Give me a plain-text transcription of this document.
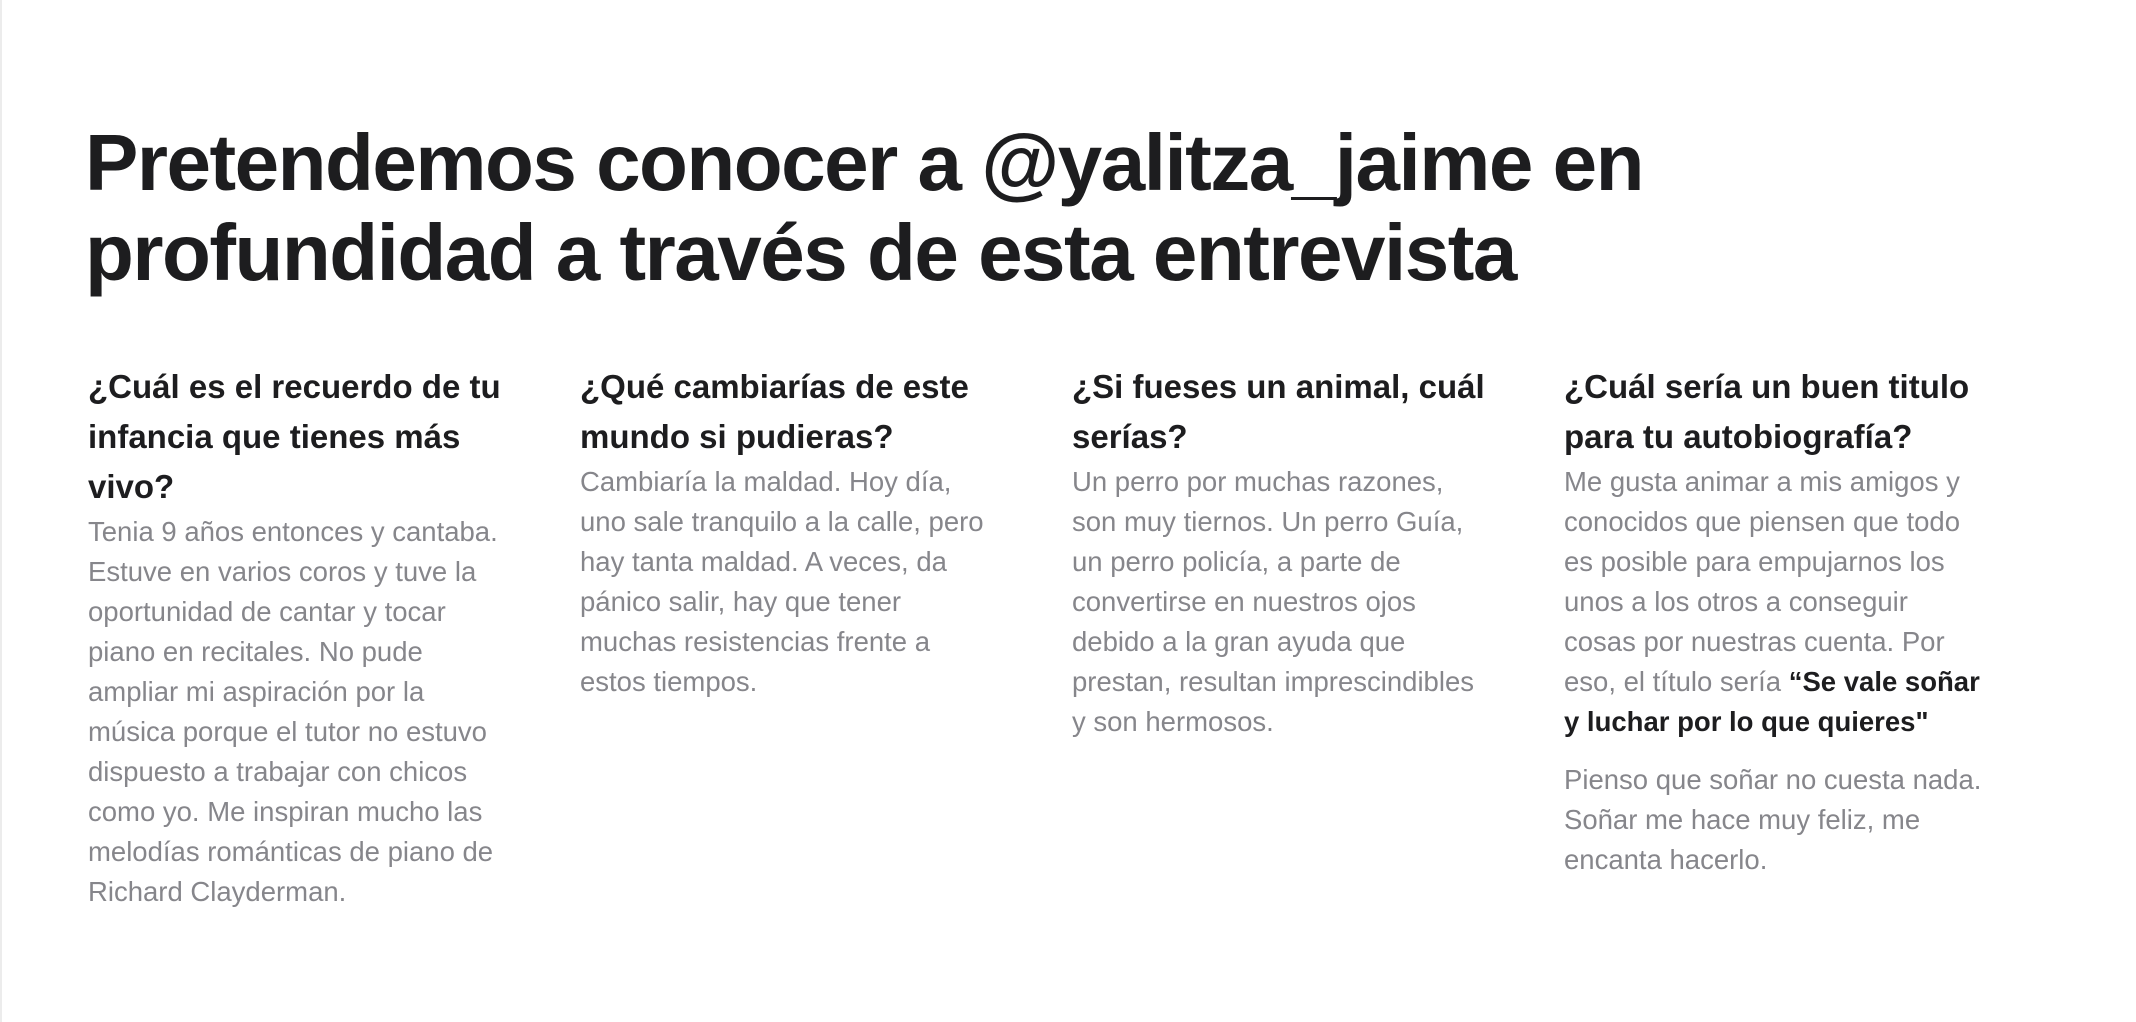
Pretendemos conocer a @yalitza_jaime en
profundidad a través de esta entrevista
¿Cuál es el recuerdo de tu
infancia que tienes más
vivo?

Tenia 9 años entonces y cantaba.
Estuve en varios coros y tuve la
oportunidad de cantar y tocar
piano en recitales. No pude
ampliar mi aspiración por la
música porque el tutor no estuvo
dispuesto a trabajar con chicos
como yo. Me inspiran mucho las
melodías románticas de piano de
Richard Clayderman.

¿Qué cambiarías de este
mundo si pudieras?

Cambiaría la maldad. Hoy día,
uno sale tranquilo a la calle, pero
hay tanta maldad. A veces, da
pánico salir, hay que tener
muchas resistencias frente a
estos tiempos.

¿Si fueses un animal, cuál
serías?

Un perro por muchas razones,
son muy tiernos. Un perro Guía,
un perro policía, a parte de
convertirse en nuestros ojos
debido a la gran ayuda que
prestan, resultan imprescindibles
y son hermosos.

¿Cuál sería un buen titulo
para tu autobiografía?

Me gusta animar a mis amigos y
conocidos que piensen que todo
es posible para empujarnos los
unos a los otros a conseguir
cosas por nuestras cuenta. Por
eso, el título sería “Se vale soñar
y luchar por lo que quieres"

Pienso que soñar no cuesta nada.
Soñar me hace muy feliz, me
encanta hacerlo.
